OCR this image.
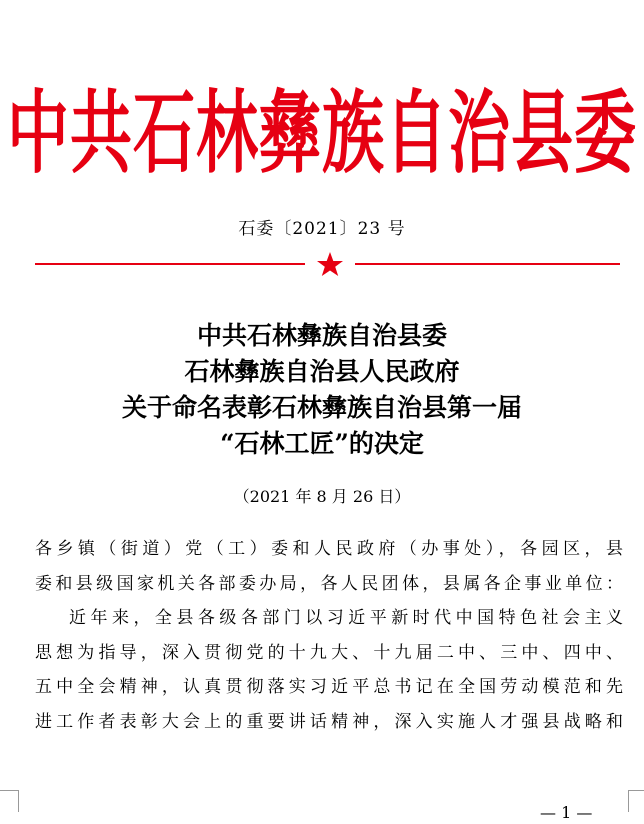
中共石林彝族自治县委
石委〔2021〕23 号
中共石林彝族自治县委
石林彝族自治县人民政府
关于命名表彰石林彝族自治县第一届
“石林工匠”的决定
（2021 年 8 月 26 日）

各乡镇（街道）党（工）委和人民政府（办事处），各园区，县

委和县级国家机关各部委办局，各人民团体，县属各企事业单位：

近年来，全县各级各部门以习近平新时代中国特色社会主义

思想为指导，深入贯彻党的十九大、十九届二中、三中、四中、

五中全会精神，认真贯彻落实习近平总书记在全国劳动模范和先

进工作者表彰大会上的重要讲话精神，深入实施人才强县战略和

— 1 —
